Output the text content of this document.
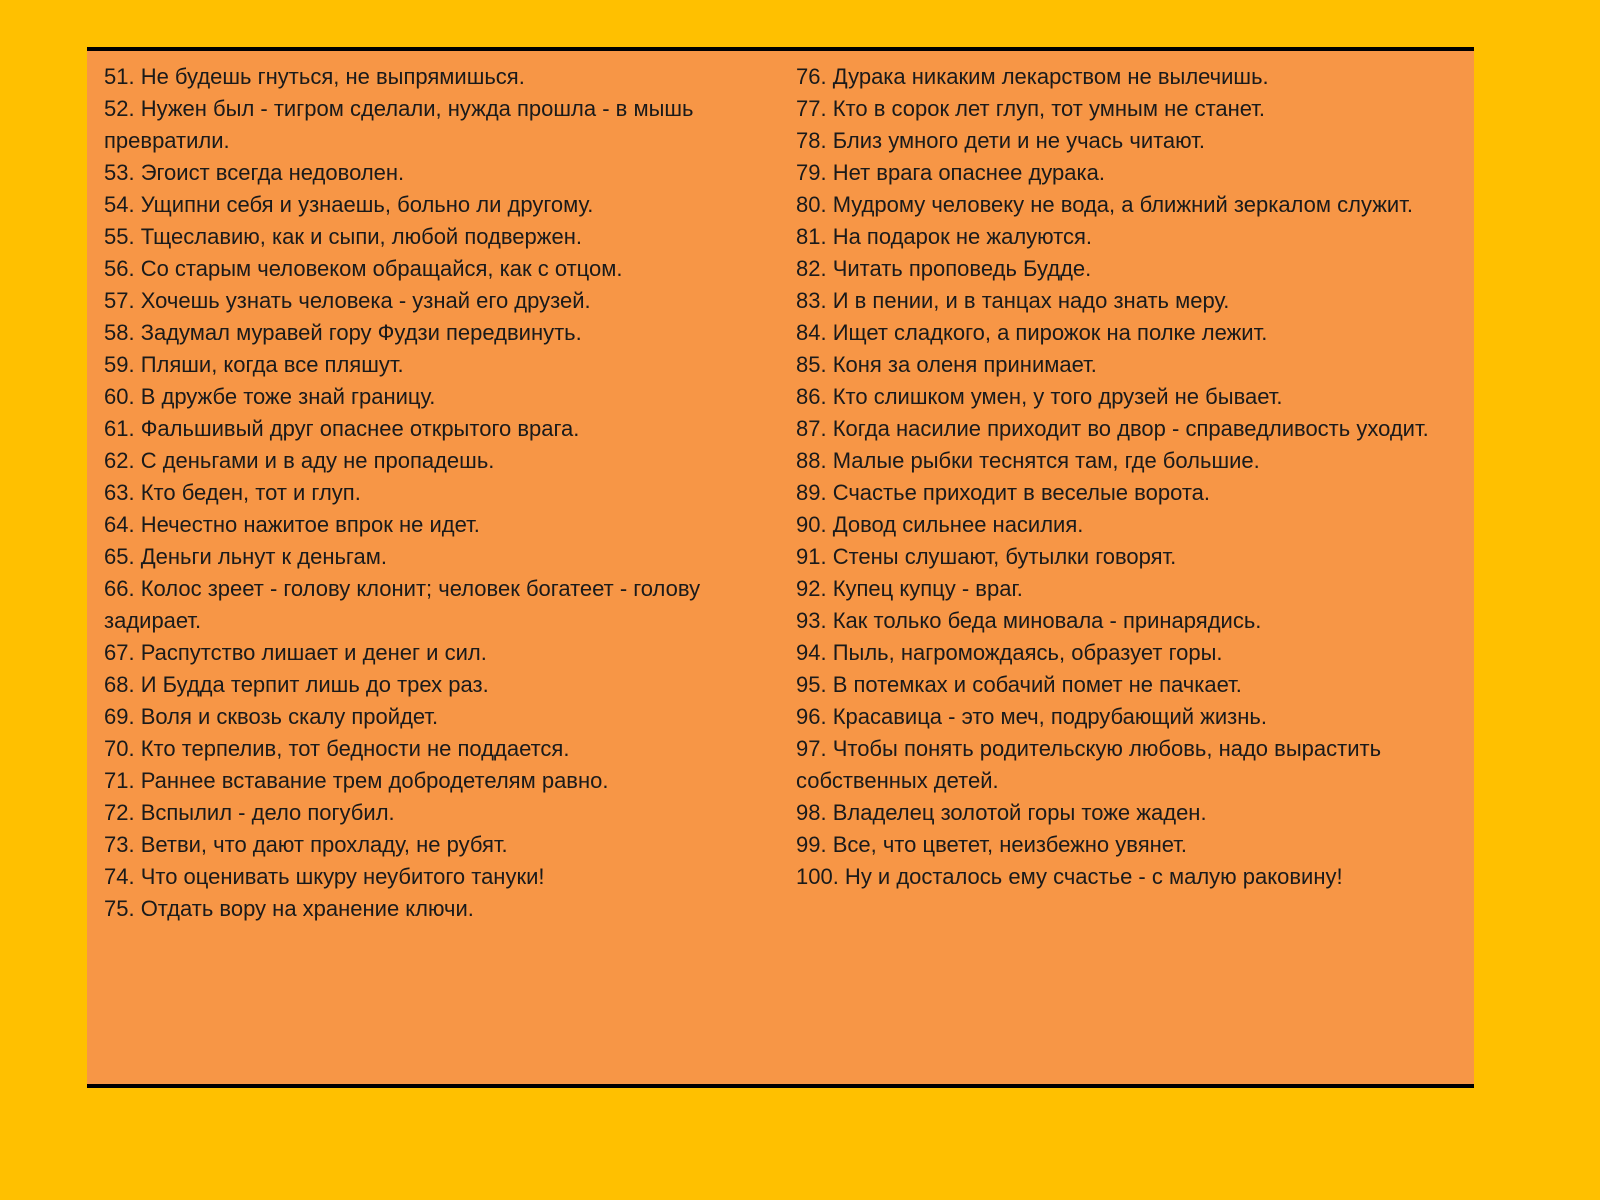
51. Не будешь гнуться, не выпрямишься.
52. Нужен был - тигром сделали, нужда прошла - в мышь превратили.
53. Эгоист всегда недоволен.
54. Ущипни себя и узнаешь, больно ли другому.
55. Тщеславию, как и сыпи, любой подвержен.
56. Со старым человеком обращайся, как с отцом.
57. Хочешь узнать человека - узнай его друзей.
58. Задумал муравей гору Фудзи передвинуть.
59. Пляши, когда все пляшут.
60. В дружбе тоже знай границу.
61. Фальшивый друг опаснее открытого врага.
62. С деньгами и в аду не пропадешь.
63. Кто беден, тот и глуп.
64. Нечестно нажитое впрок не идет.
65. Деньги льнут к деньгам.
66. Колос зреет - голову клонит; человек богатеет - голову задирает.
67. Распутство лишает и денег и сил.
68. И Будда терпит лишь до трех раз.
69. Воля и сквозь скалу пройдет.
70. Кто терпелив, тот бедности не поддается.
71. Раннее вставание трем добродетелям равно.
72. Вспылил - дело погубил.
73. Ветви, что дают прохладу, не рубят.
74. Что оценивать шкуру неубитого тануки!
75. Отдать вору на хранение ключи.
76. Дурака никаким лекарством не вылечишь.
77. Кто в сорок лет глуп, тот умным не станет.
78. Близ умного дети и не учась читают.
79. Нет врага опаснее дурака.
80. Мудрому человеку не вода, а ближний зеркалом служит.
81. На подарок не жалуются.
82. Читать проповедь Будде.
83. И в пении, и в танцах надо знать меру.
84. Ищет сладкого, а пирожок на полке лежит.
85. Коня за оленя принимает.
86. Кто слишком умен, у того друзей не бывает.
87. Когда насилие приходит во двор - справедливость уходит.
88. Малые рыбки теснятся там, где большие.
89. Счастье приходит в веселые ворота.
90. Довод сильнее насилия.
91. Стены слушают, бутылки говорят.
92. Купец купцу - враг.
93. Как только беда миновала - принарядись.
94. Пыль, нагромождаясь, образует горы.
95. В потемках и собачий помет не пачкает.
96. Красавица - это меч, подрубающий жизнь.
97. Чтобы понять родительскую любовь, надо вырастить собственных детей.
98. Владелец золотой горы тоже жаден.
99. Все, что цветет, неизбежно увянет.
100. Ну и досталось ему счастье - с малую раковину!
